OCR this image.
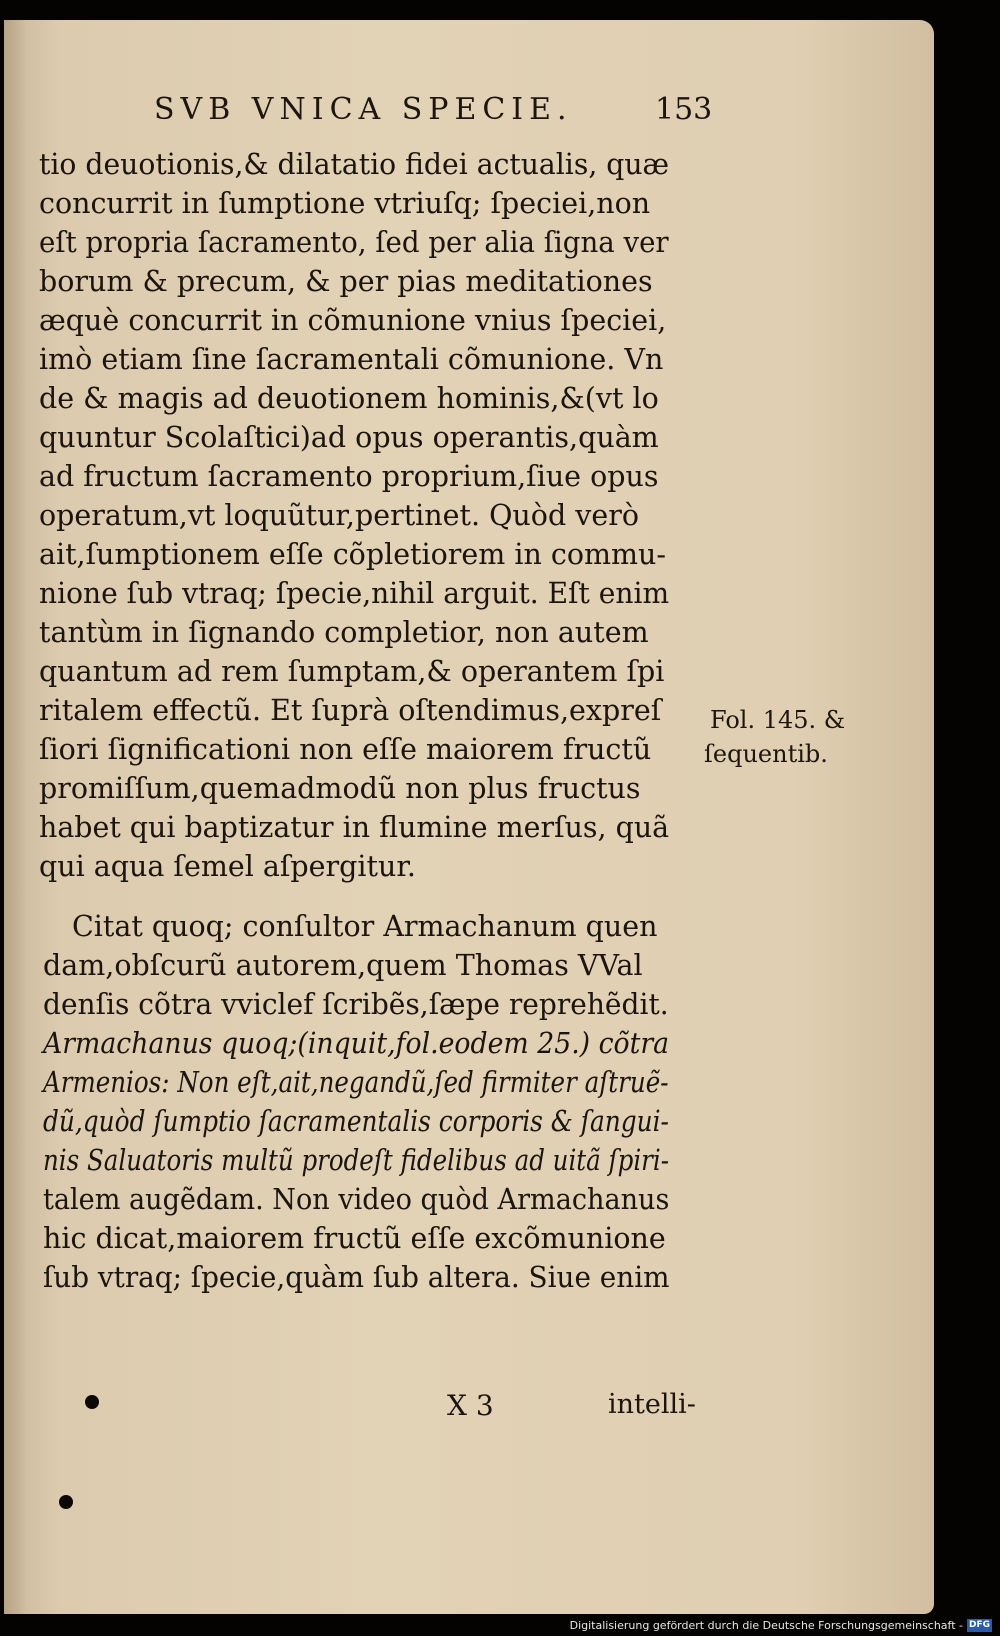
SVB VNICA SPECIE.	153
tio deuotionis,& dilatatio fidei actualis, quæ
concurrit in ſumptione vtriuſq; ſpeciei,non
eſt propria ſacramento, ſed per alia ſigna ver
borum & precum, & per pias meditationes
æquè concurrit in cõmunione vnius ſpeciei,
imò etiam ſine ſacramentali cõmunione. Vn
de & magis ad deuotionem hominis,&(vt lo
quuntur Scolaſtici)ad opus operantis,quàm
ad fructum ſacramento proprium,ſiue opus
operatum,vt loquũtur,pertinet. Quòd verò
ait,ſumptionem eſſe cõpletiorem in commu-
nione ſub vtraq; ſpecie,nihil arguit. Eſt enim
tantùm in ſignando completior, non autem
quantum ad rem ſumptam,& operantem ſpi
ritalem effectũ. Et ſuprà oſtendimus,expreſ
ſiori ſignificationi non eſſe maiorem fructũ
promiſſum,quemadmodũ non plus fructus
habet qui baptizatur in flumine merſus, quã
qui aqua ſemel aſpergitur.
Citat quoq; conſultor Armachanum quen
dam,obſcurũ autorem,quem Thomas VVal
denſis cõtra vviclef ſcribẽs,ſæpe reprehẽdit.
Armachanus quoq;(inquit,fol.eodem 25.) cõtra
Armenios: Non eſt,ait,negandũ,ſed firmiter aſtruẽ-
dũ,quòd ſumptio ſacramentalis corporis & ſangui-
nis Saluatoris multũ prodeſt fidelibus ad uitã ſpiri-
talem augẽdam. Non video quòd Armachanus
hic dicat,maiorem fructũ eſſe excõmunione
ſub vtraq; ſpecie,quàm ſub altera. Siue enim
Fol. 145. &
ſequentib.
X 3	intelli-
Digitalisierung gefördert durch die Deutsche Forschungsgemeinschaft - DFG
